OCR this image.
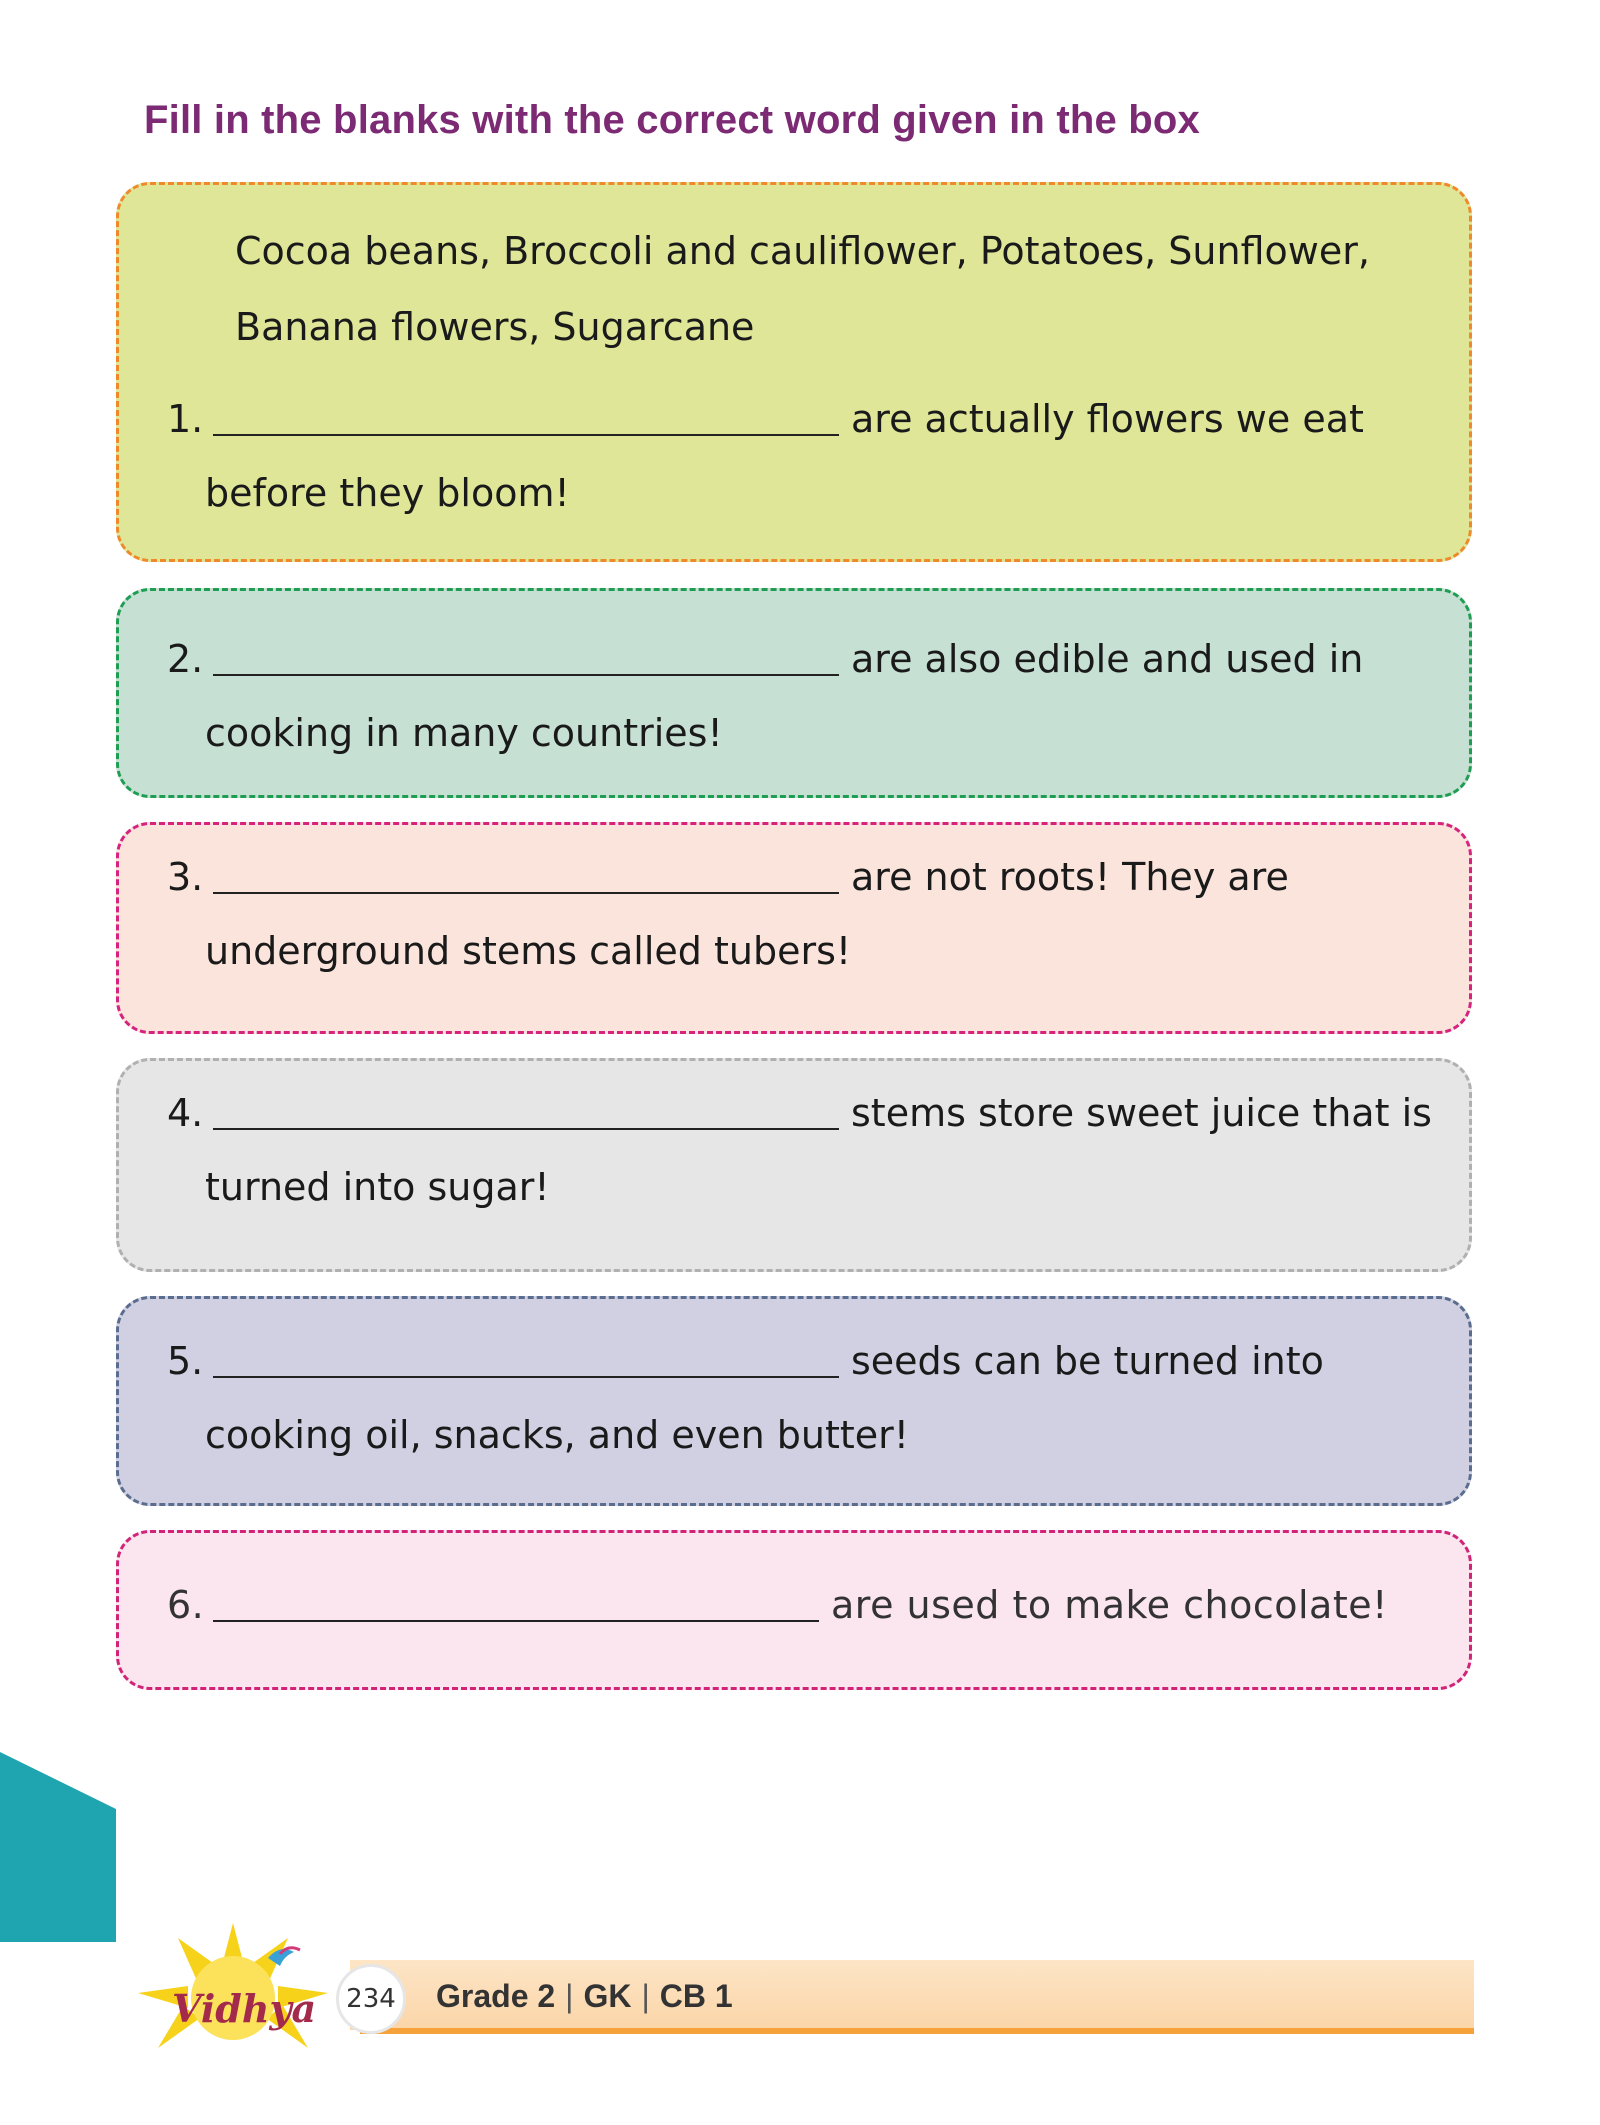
Fill in the blanks with the correct word given in the box
Cocoa beans, Broccoli and cauliflower, Potatoes, Sunflower,
Banana flowers, Sugarcane
1.	are actually flowers we eat
before they bloom!
2.	are also edible and used in
cooking in many countries!
3.	are not roots! They are
underground stems called tubers!
4.	stems store sweet juice that is
turned into sugar!
5.	seeds can be turned into
cooking oil, snacks, and even butter!
6.	are used to make chocolate!
Vidhya	234	Grade 2 | GK | CB 1
